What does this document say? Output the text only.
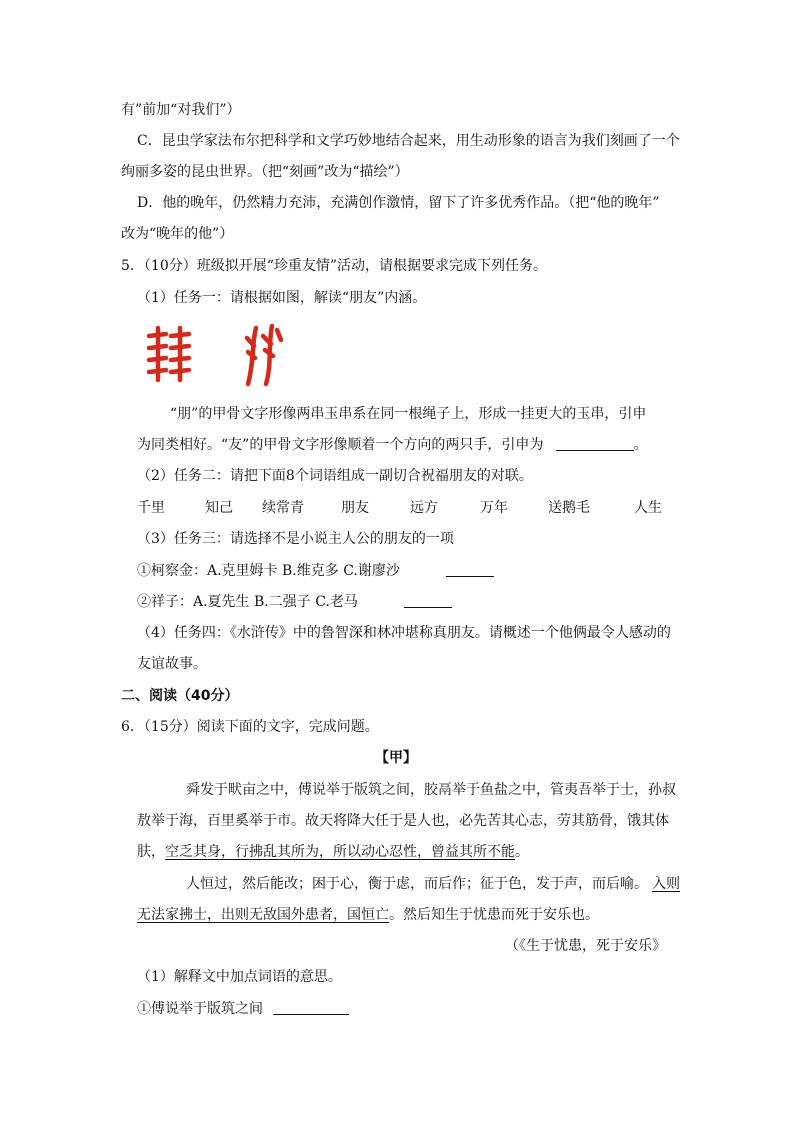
有”前加“对我们”）
C．昆虫学家法布尔把科学和文学巧妙地结合起来，用生动形象的语言为我们刻画了一个
绚丽多姿的昆虫世界。（把“刻画”改为“描绘”）
D．他的晚年，仍然精力充沛，充满创作激情，留下了许多优秀作品。（把“他的晚年”
改为“晚年的他”）
5．（10分）班级拟开展“珍重友情”活动，请根据要求完成下列任务。
（1）任务一：请根据如图，解读“朋友”内涵。
“朋”的甲骨文字形像两串玉串系在同一根绳子上，形成一挂更大的玉串，引申
为同类相好。“友”的甲骨文字形像顺着一个方向的两只手，引申为	。
（2）任务二：请把下面8个词语组成一副切合祝福朋友的对联。
千里	知己 续常青	朋友	远方	万年	送鹅毛	人生
（3）任务三：请选择不是小说主人公的朋友的一项
①柯察金：A.克里姆卡 B.维克多 C.谢廖沙
②祥子：A.夏先生 B.二强子 C.老马
（4）任务四：《水浒传》中的鲁智深和林冲堪称真朋友。请概述一个他俩最令人感动的
友谊故事。
二、阅读（40分）
6．（15分）阅读下面的文字，完成问题。
【甲】
舜发于畎亩之中，傅说举于版筑之间，胶鬲举于鱼盐之中，管夷吾举于士，孙叔
敖举于海，百里奚举于市。故天将降大任于是人也，必先苦其心志，劳其筋骨，饿其体
肤，空乏其身，行拂乱其所为，所以动心忍性，曾益其所不能。
人恒过，然后能改；困于心，衡于虑，而后作；征于色，发于声，而后喻。 入则
无法家拂士，出则无敌国外患者，国恒亡。然后知生于忧患而死于安乐也。
（《生于忧患，死于安乐》
（1）解释文中加点词语的意思。
①傅说举于版筑之间
